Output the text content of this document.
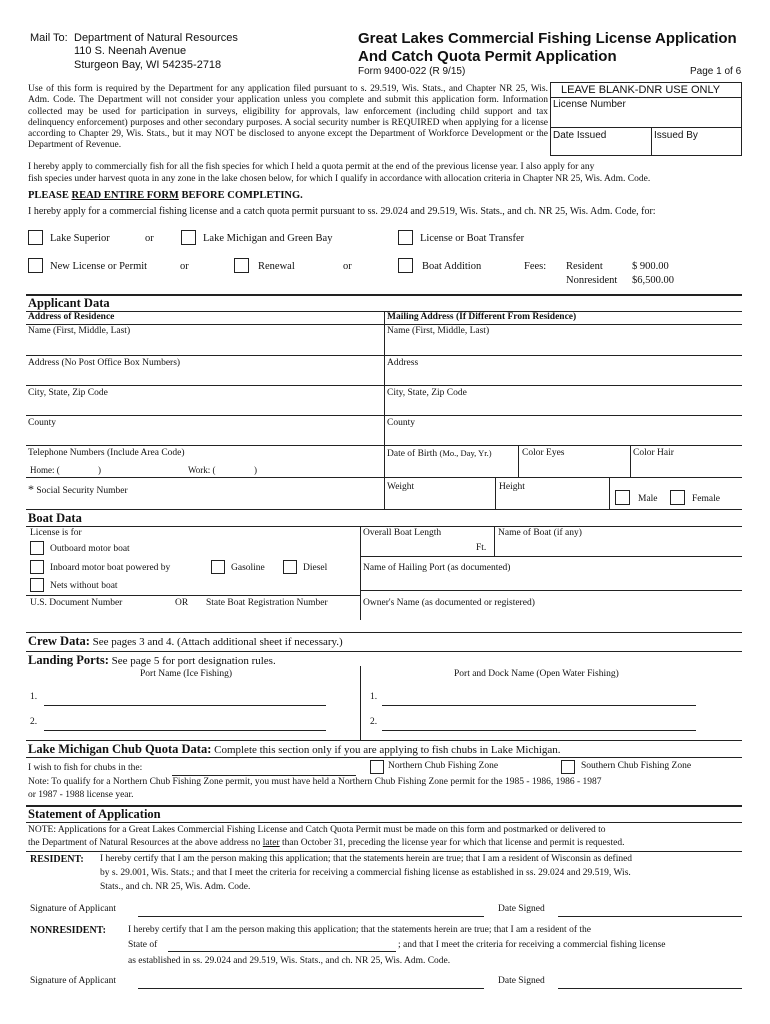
Mail To: Department of Natural Resources
110 S. Neenah Avenue
Sturgeon Bay, WI 54235-2718
Great Lakes Commercial Fishing License Application
And Catch Quota Permit Application
Form 9400-022 (R 9/15)	Page 1 of 6
Use of this form is required by the Department for any application filed pursuant to s. 29.519, Wis. Stats., and Chapter NR 25, Wis. Adm. Code. The Department will not consider your application unless you complete and submit this application form. Information collected may be used for participation in surveys, eligibility for approvals, law enforcement (including child support and tax delinquency enforcement) purposes and other secondary purposes. A social security number is REQUIRED when applying for a license according to Chapter 29, Wis. Stats., but it may NOT be disclosed to anyone except the Department of Workforce Development or the Department of Revenue.
LEAVE BLANK-DNR USE ONLY
License Number
Date Issued	Issued By
I hereby apply to commercially fish for all the fish species for which I held a quota permit at the end of the previous license year. I also apply for any
fish species under harvest quota in any zone in the lake chosen below, for which I qualify in accordance with allocation criteria in Chapter NR 25, Wis. Adm. Code.
PLEASE READ ENTIRE FORM BEFORE COMPLETING.
I hereby apply for a commercial fishing license and a catch quota permit pursuant to ss. 29.024 and 29.519, Wis. Stats., and ch. NR 25, Wis. Adm. Code, for:
Lake Superior	or	Lake Michigan and Green Bay	License or Boat Transfer
New License or Permit	or	Renewal	or	Boat Addition	Fees: Resident	$ 900.00
Nonresident $6,500.00
Applicant Data
Address of Residence	Mailing Address (If Different From Residence)
Name (First, Middle, Last)	Name (First, Middle, Last)
Address (No Post Office Box Numbers)	Address
City, State, Zip Code	City, State, Zip Code
County	County
Telephone Numbers (Include Area Code)
Home: (	)	Work: (	)
Date of Birth (Mo., Day, Yr.)	Color Eyes	Color Hair
* Social Security Number	Weight	Height
Male	Female
Boat Data
License is for
Outboard motor boat
Inboard motor boat powered by	Gasoline	Diesel
Nets without boat
U.S. Document Number	OR State Boat Registration Number
Overall Boat Length
Ft.
Name of Boat (if any)
Name of Hailing Port (as documented)
Owner's Name (as documented or registered)
Crew Data: See pages 3 and 4. (Attach additional sheet if necessary.)
Landing Ports: See page 5 for port designation rules.
Port Name (Ice Fishing)	Port and Dock Name (Open Water Fishing)
1.	1.
2.	2.
Lake Michigan Chub Quota Data: Complete this section only if you are applying to fish chubs in Lake Michigan.
I wish to fish for chubs in the:	Northern Chub Fishing Zone	Southern Chub Fishing Zone
Note: To qualify for a Northern Chub Fishing Zone permit, you must have held a Northern Chub Fishing Zone permit for the 1985 - 1986, 1986 - 1987
or 1987 - 1988 license year.
Statement of Application
NOTE: Applications for a Great Lakes Commercial Fishing License and Catch Quota Permit must be made on this form and postmarked or delivered to
the Department of Natural Resources at the above address no later than October 31, preceding the license year for which that license and permit is requested.
RESIDENT: I hereby certify that I am the person making this application; that the statements herein are true; that I am a resident of Wisconsin as defined
by s. 29.001, Wis. Stats.; and that I meet the criteria for receiving a commercial fishing license as established in ss. 29.024 and 29.519, Wis.
Stats., and ch. NR 25, Wis. Adm. Code.
Signature of Applicant	Date Signed
NONRESIDENT: I hereby certify that I am the person making this application; that the statements herein are true; that I am a resident of the
State of	; and that I meet the criteria for receiving a commercial fishing license
as established in ss. 29.024 and 29.519, Wis. Stats., and ch. NR 25, Wis. Adm. Code.
Signature of Applicant	Date Signed
